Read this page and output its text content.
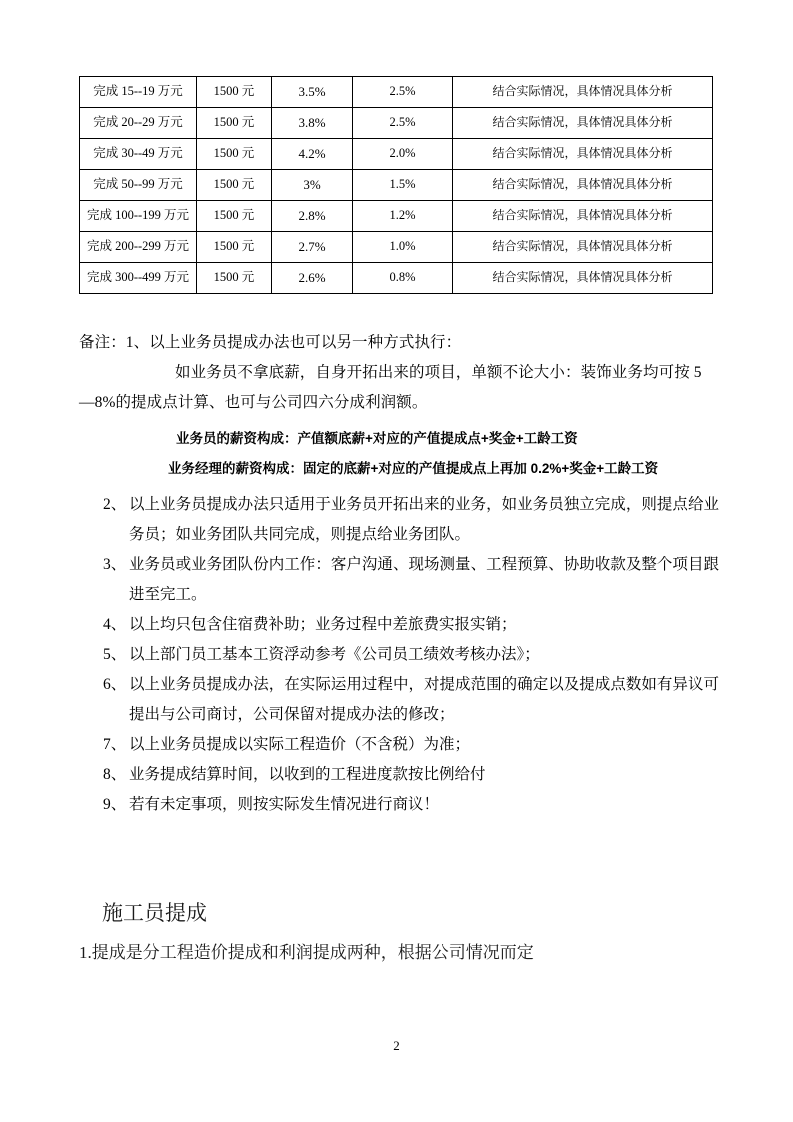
完成 15--19 万元	1500 元	3.5%	2.5%	结合实际情况，具体情况具体分析
完成 20--29 万元	1500 元	3.8%	2.5%	结合实际情况，具体情况具体分析
完成 30--49 万元	1500 元	4.2%	2.0%	结合实际情况，具体情况具体分析
完成 50--99 万元	1500 元	3%	1.5%	结合实际情况，具体情况具体分析
完成 100--199 万元	1500 元	2.8%	1.2%	结合实际情况，具体情况具体分析
完成 200--299 万元	1500 元	2.7%	1.0%	结合实际情况，具体情况具体分析
完成 300--499 万元	1500 元	2.6%	0.8%	结合实际情况，具体情况具体分析
备注：1、以上业务员提成办法也可以另一种方式执行：
如业务员不拿底薪，自身开拓出来的项目，单额不论大小：装饰业务均可按 5—8%的提成点计算、也可与公司四六分成利润额。
业务员的薪资构成：产值额底薪+对应的产值提成点+奖金+工龄工资
业务经理的薪资构成：固定的底薪+对应的产值提成点上再加 0.2%+奖金+工龄工资
2、 以上业务员提成办法只适用于业务员开拓出来的业务，如业务员独立完成，则提点给业务员；如业务团队共同完成，则提点给业务团队。
3、 业务员或业务团队份内工作：客户沟通、现场测量、工程预算、协助收款及整个项目跟进至完工。
4、 以上均只包含住宿费补助；业务过程中差旅费实报实销；
5、 以上部门员工基本工资浮动参考《公司员工绩效考核办法》；
6、 以上业务员提成办法，在实际运用过程中，对提成范围的确定以及提成点数如有异议可提出与公司商讨，公司保留对提成办法的修改；
7、 以上业务员提成以实际工程造价（不含税）为准；
8、 业务提成结算时间，以收到的工程进度款按比例给付
9、 若有未定事项，则按实际发生情况进行商议！
施工员提成
1.提成是分工程造价提成和利润提成两种，根据公司情况而定
2
